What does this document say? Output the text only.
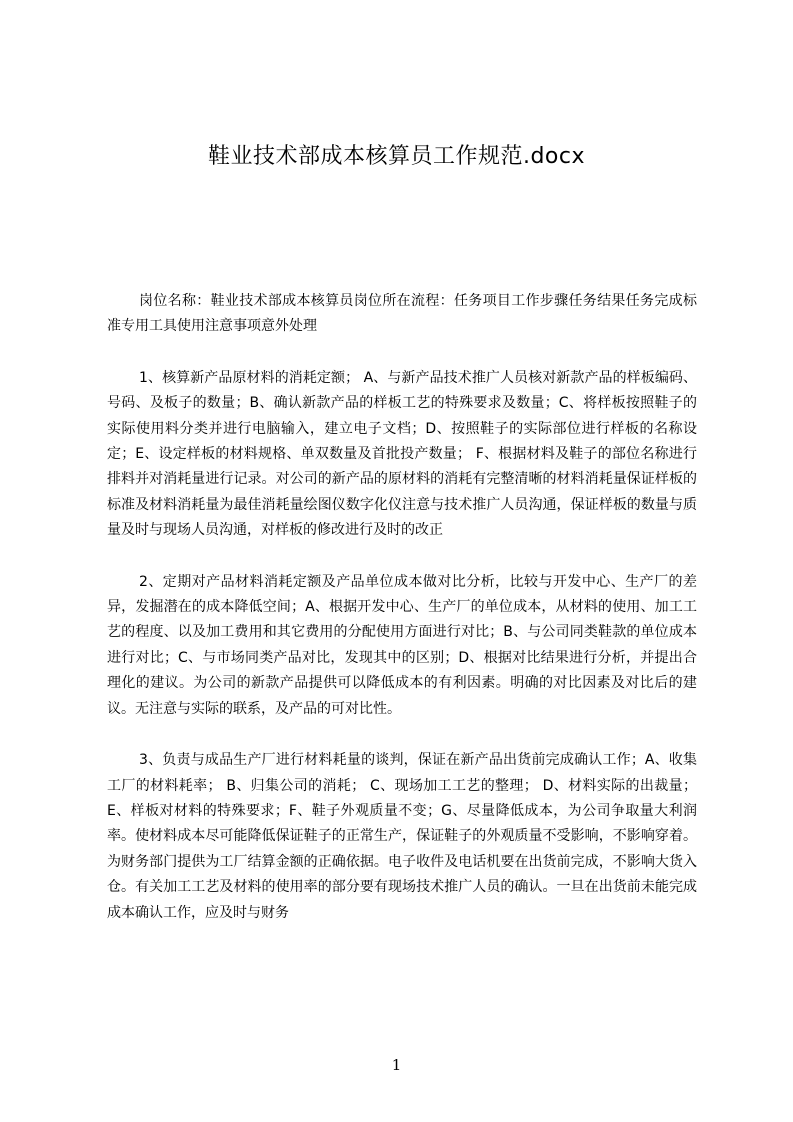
鞋业技术部成本核算员工作规范.docx

岗位名称：鞋业技术部成本核算员岗位所在流程：任务项目工作步骤任务结果任务完成标准专用工具使用注意事项意外处理

1、核算新产品原材料的消耗定额； A、与新产品技术推广人员核对新款产品的样板编码、号码、及板子的数量；B、确认新款产品的样板工艺的特殊要求及数量；C、将样板按照鞋子的实际使用料分类并进行电脑输入，建立电子文档；D、按照鞋子的实际部位进行样板的名称设定；E、设定样板的材料规格、单双数量及首批投产数量； F、根据材料及鞋子的部位名称进行排料并对消耗量进行记录。对公司的新产品的原材料的消耗有完整清晰的材料消耗量保证样板的标准及材料消耗量为最佳消耗量绘图仪数字化仪注意与技术推广人员沟通，保证样板的数量与质量及时与现场人员沟通，对样板的修改进行及时的改正

2、定期对产品材料消耗定额及产品单位成本做对比分析，比较与开发中心、生产厂的差异，发掘潜在的成本降低空间；A、根据开发中心、生产厂的单位成本，从材料的使用、加工工艺的程度、以及加工费用和其它费用的分配使用方面进行对比；B、与公司同类鞋款的单位成本进行对比；C、与市场同类产品对比，发现其中的区别；D、根据对比结果进行分析，并提出合理化的建议。为公司的新款产品提供可以降低成本的有利因素。明确的对比因素及对比后的建议。无注意与实际的联系，及产品的可对比性。

3、负责与成品生产厂进行材料耗量的谈判，保证在新产品出货前完成确认工作；A、收集工厂的材料耗率； B、归集公司的消耗； C、现场加工工艺的整理； D、材料实际的出裁量；E、样板对材料的特殊要求；F、鞋子外观质量不变；G、尽量降低成本，为公司争取量大利润率。使材料成本尽可能降低保证鞋子的正常生产，保证鞋子的外观质量不受影响，不影响穿着。为财务部门提供为工厂结算金额的正确依据。电子收件及电话机要在出货前完成，不影响大货入仓。有关加工工艺及材料的使用率的部分要有现场技术推广人员的确认。一旦在出货前未能完成成本确认工作，应及时与财务

1
